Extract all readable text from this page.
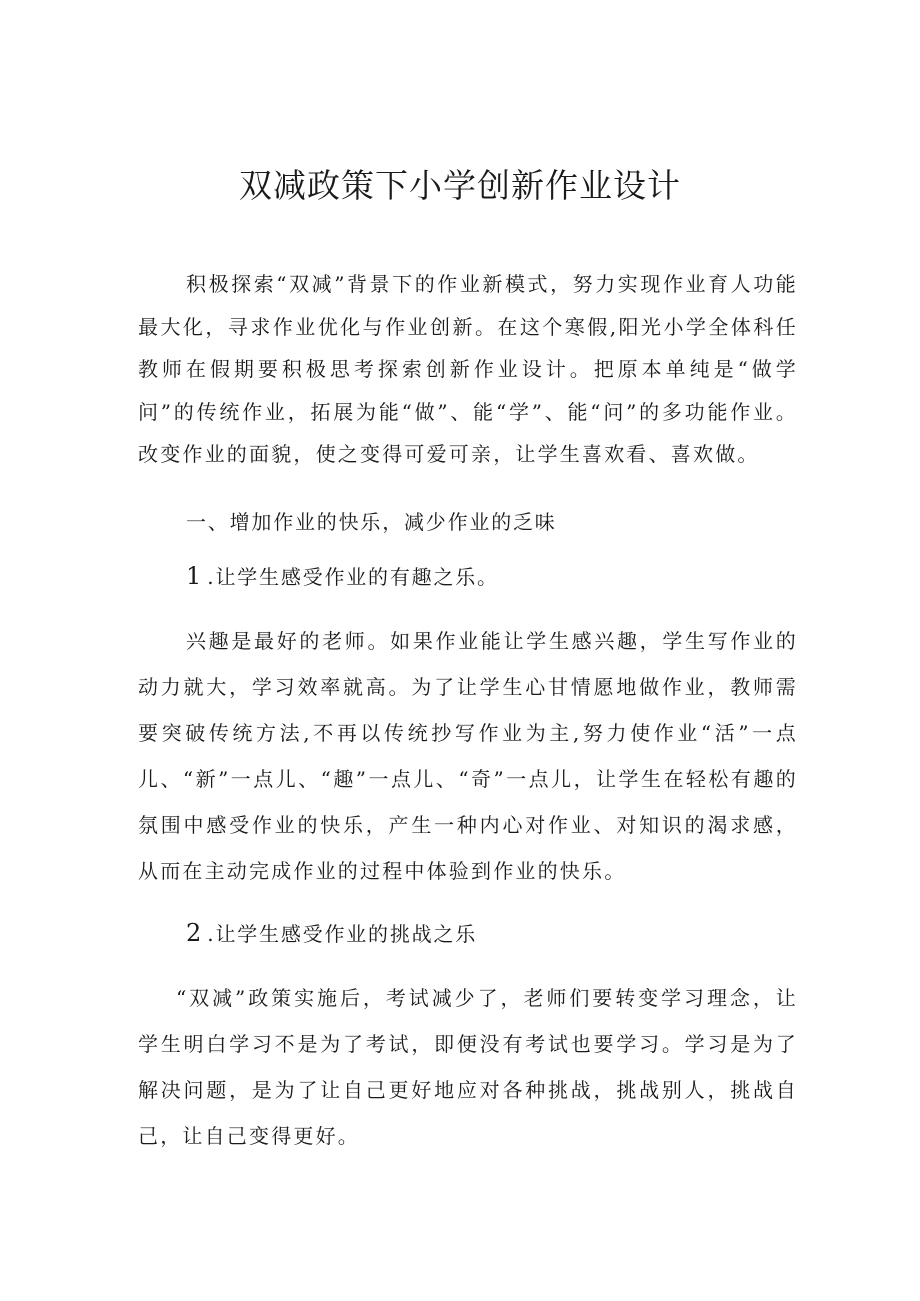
双减政策下小学创新作业设计

积极探索“双减”背景下的作业新模式，努力实现作业育人功能最大化，寻求作业优化与作业创新。在这个寒假,阳光小学全体科任教师在假期要积极思考探索创新作业设计。把原本单纯是“做学问”的传统作业，拓展为能“做”、能“学”、能“问”的多功能作业。改变作业的面貌，使之变得可爱可亲，让学生喜欢看、喜欢做。

一、增加作业的快乐，减少作业的乏味

1.让学生感受作业的有趣之乐。

兴趣是最好的老师。如果作业能让学生感兴趣，学生写作业的动力就大，学习效率就高。为了让学生心甘情愿地做作业，教师需要突破传统方法,不再以传统抄写作业为主,努力使作业“活”一点儿、“新”一点儿、“趣”一点儿、“奇”一点儿，让学生在轻松有趣的氛围中感受作业的快乐，产生一种内心对作业、对知识的渴求感，从而在主动完成作业的过程中体验到作业的快乐。

2.让学生感受作业的挑战之乐

“双减”政策实施后，考试减少了，老师们要转变学习理念，让学生明白学习不是为了考试，即便没有考试也要学习。学习是为了解决问题，是为了让自己更好地应对各种挑战，挑战别人，挑战自己，让自己变得更好。
